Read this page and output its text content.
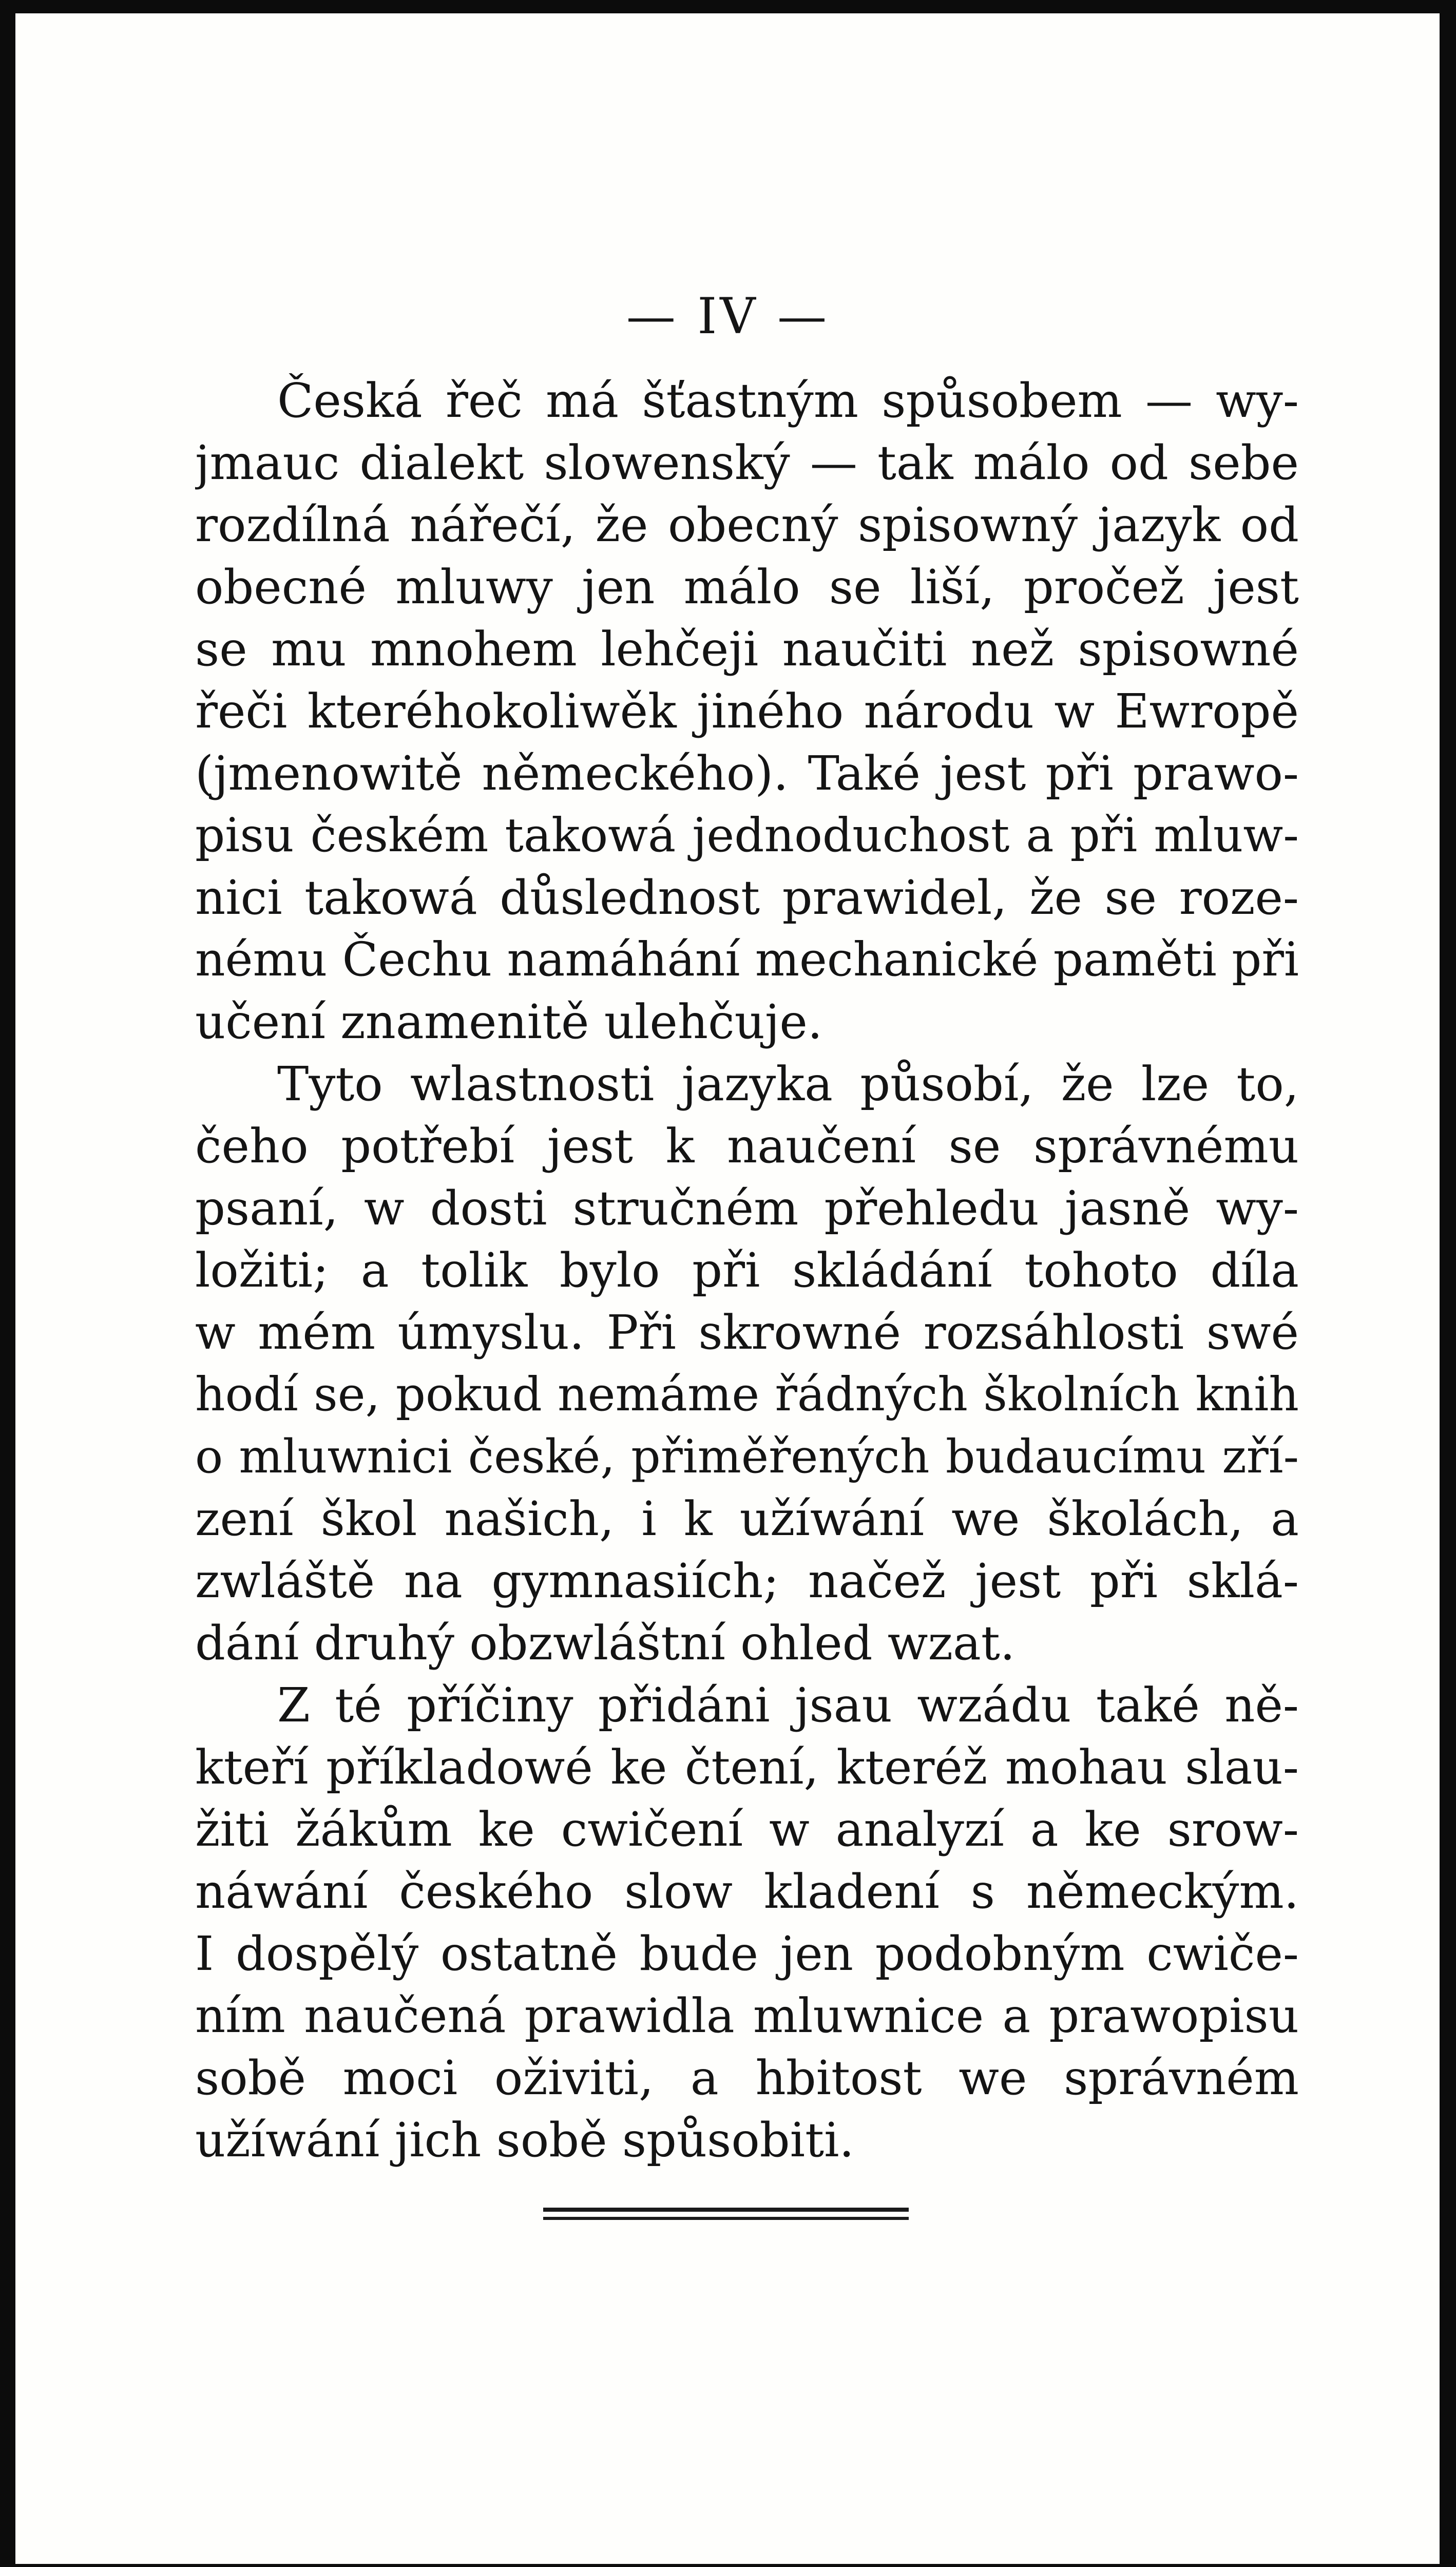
— IV —
Česká řeč má šťastným spůsobem — wy-
jmauc dialekt slowenský — tak málo od sebe
rozdílná nářečí, že obecný spisowný jazyk od
obecné mluwy jen málo se liší, pročež jest
se mu mnohem lehčeji naučiti než spisowné
řeči kteréhokoliwěk jiného národu w Ewropě
(jmenowitě německého). Také jest při prawo-
pisu českém takowá jednoduchost a při mluw-
nici takowá důslednost prawidel, že se roze-
nému Čechu namáhání mechanické paměti při
učení znamenitě ulehčuje.
Tyto wlastnosti jazyka působí, že lze to,
čeho potřebí jest k naučení se správnému
psaní, w dosti stručném přehledu jasně wy-
ložiti; a tolik bylo při skládání tohoto díla
w mém úmyslu. Při skrowné rozsáhlosti swé
hodí se, pokud nemáme řádných školních knih
o mluwnici české, přiměřených budaucímu zří-
zení škol našich, i k užíwání we školách, a
zwláště na gymnasiích; načež jest při sklá-
dání druhý obzwláštní ohled wzat.
Z té příčiny přidáni jsau wzádu také ně-
kteří příkladowé ke čtení, kteréž mohau slau-
žiti žákům ke cwičení w analyzí a ke srow-
náwání českého slow kladení s německým.
I dospělý ostatně bude jen podobným cwiče-
ním naučená prawidla mluwnice a prawopisu
sobě moci oživiti, a hbitost we správném
užíwání jich sobě spůsobiti.
